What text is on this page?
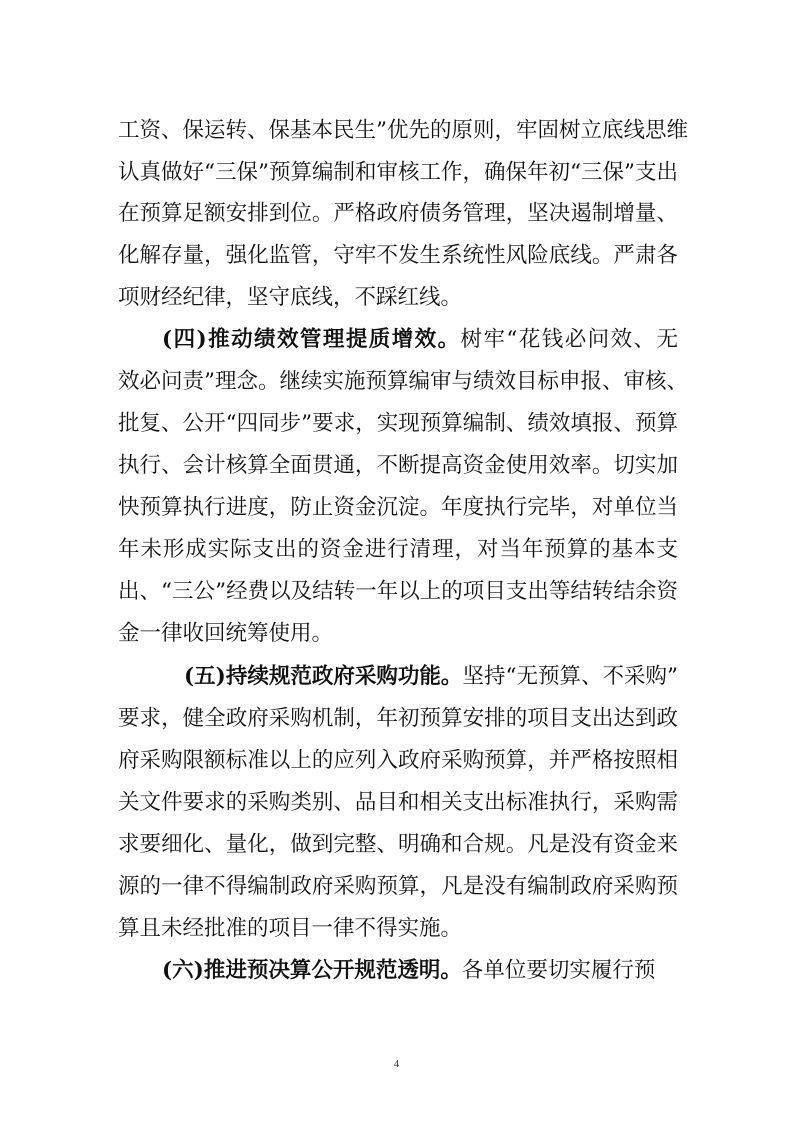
工资、保运转、保基本民生”优先的原则，牢固树立底线思维
认真做好“三保”预算编制和审核工作，确保年初“三保”支出
在预算足额安排到位。严格政府债务管理，坚决遏制增量、
化解存量，强化监管，守牢不发生系统性风险底线。严肃各
项财经纪律，坚守底线，不踩红线。
(四)推动绩效管理提质增效。树牢“花钱必问效、无
效必问责”理念。继续实施预算编审与绩效目标申报、审核、
批复、公开“四同步”要求，实现预算编制、绩效填报、预算
执行、会计核算全面贯通，不断提高资金使用效率。切实加
快预算执行进度，防止资金沉淀。年度执行完毕，对单位当
年未形成实际支出的资金进行清理，对当年预算的基本支
出、“三公”经费以及结转一年以上的项目支出等结转结余资
金一律收回统筹使用。
(五)持续规范政府采购功能。坚持“无预算、不采购”
要求，健全政府采购机制，年初预算安排的项目支出达到政
府采购限额标准以上的应列入政府采购预算，并严格按照相
关文件要求的采购类别、品目和相关支出标准执行，采购需
求要细化、量化，做到完整、明确和合规。凡是没有资金来
源的一律不得编制政府采购预算，凡是没有编制政府采购预
算且未经批准的项目一律不得实施。
(六)推进预决算公开规范透明。各单位要切实履行预
4
